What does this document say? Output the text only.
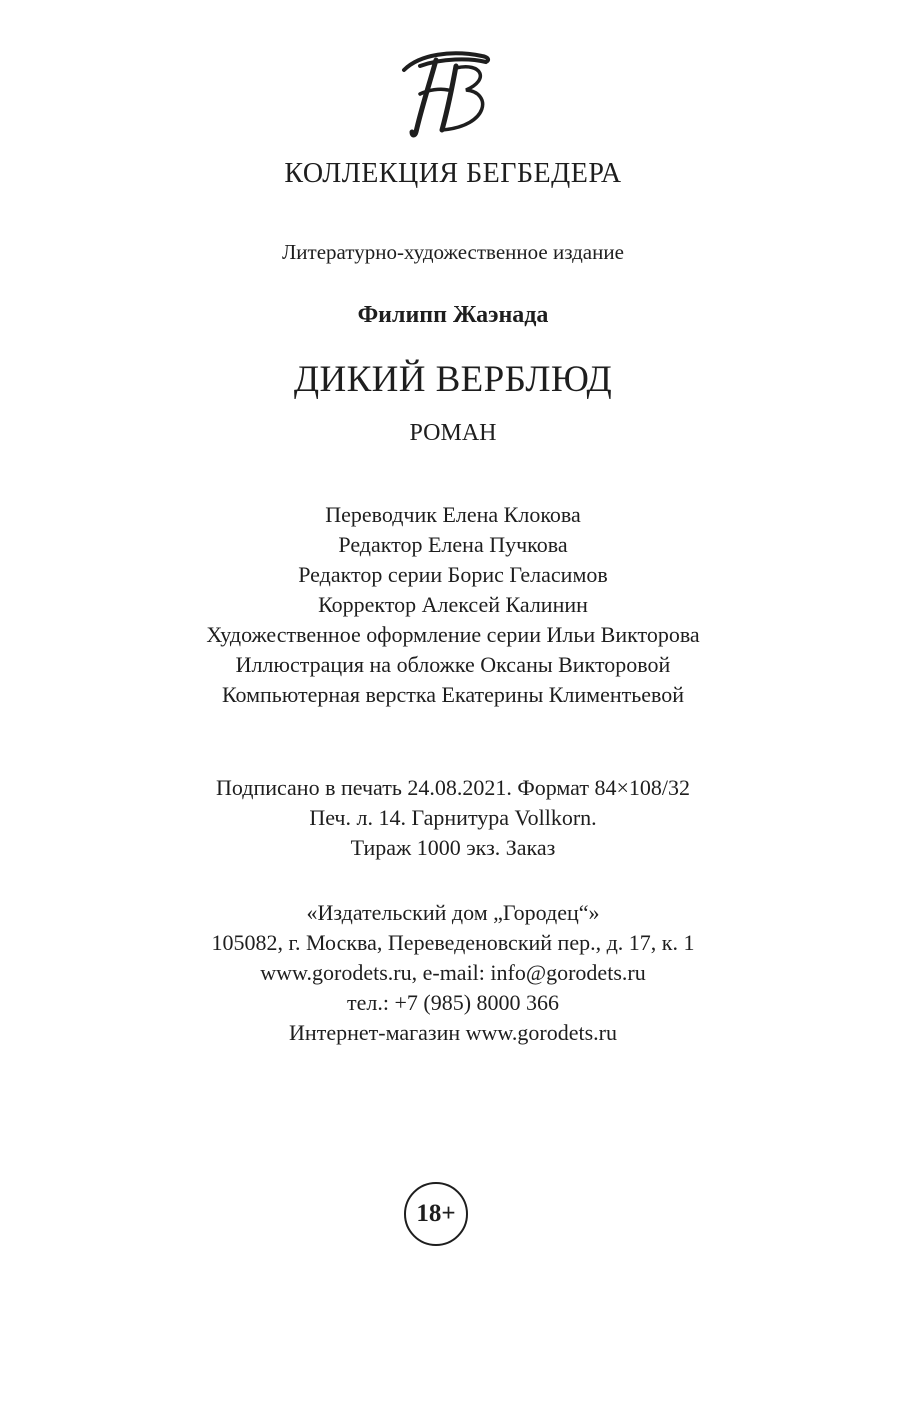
КОЛЛЕКЦИЯ БЕГБЕДЕРА
Литературно-художественное издание
Филипп Жаэнада
ДИКИЙ ВЕРБЛЮД
РОМАН
Переводчик Елена Клокова
Редактор Елена Пучкова
Редактор серии Борис Геласимов
Корректор Алексей Калинин
Художественное оформление серии Ильи Викторова
Иллюстрация на обложке Оксаны Викторовой
Компьютерная верстка Екатерины Климентьевой
Подписано в печать 24.08.2021. Формат 84×108/32
Печ. л. 14. Гарнитура Vollkorn.
Тираж 1000 экз. Заказ
«Издательский дом „Городец“»
105082, г. Москва, Переведеновский пер., д. 17, к. 1
www.gorodets.ru, e-mail: info@gorodets.ru
тел.: +7 (985) 8000 366
Интернет-магазин www.gorodets.ru
18+
